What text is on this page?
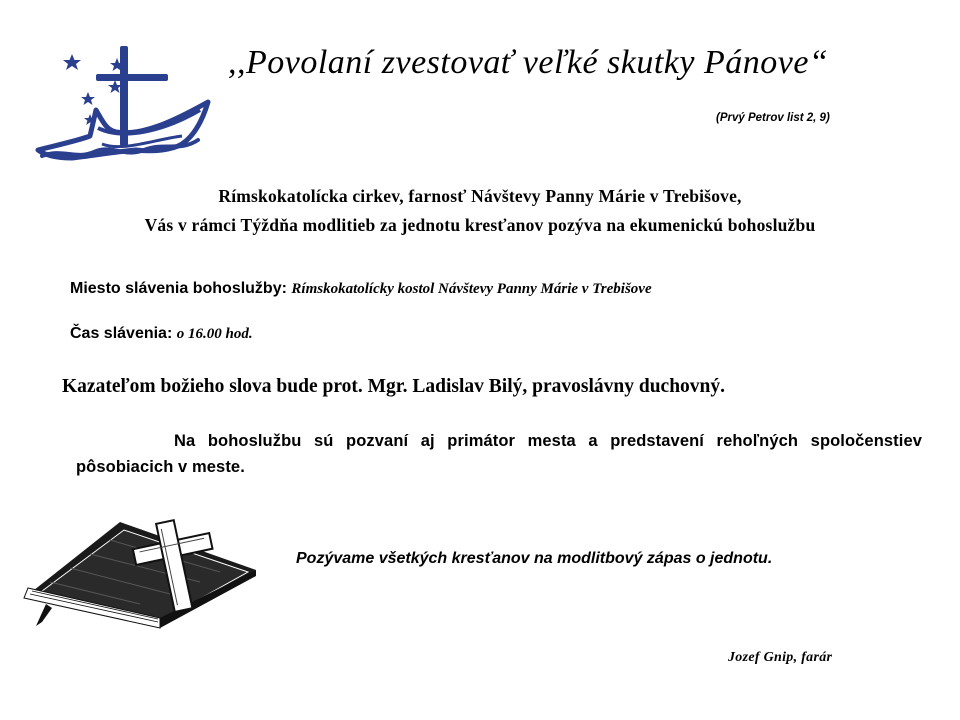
,,Povolaní zvestovať veľké skutky Pánove“
(Prvý Petrov list 2, 9)
Rímskokatolícka cirkev, farnosť Návštevy Panny Márie v Trebišove,
Vás v rámci Týždňa modlitieb za jednotu kresťanov pozýva na ekumenickú bohoslužbu
Miesto slávenia bohoslužby: Rímskokatolícky kostol Návštevy Panny Márie v Trebišove
Čas slávenia: o 16.00 hod.
Kazateľom božieho slova bude prot. Mgr. Ladislav Bilý, pravoslávny duchovný.
Na bohoslužbu sú pozvaní aj primátor mesta a predstavení rehoľných spoločenstiev pôsobiacich v meste.
Pozývame všetkých kresťanov na modlitbový zápas o jednotu.
Jozef Gnip, farár
